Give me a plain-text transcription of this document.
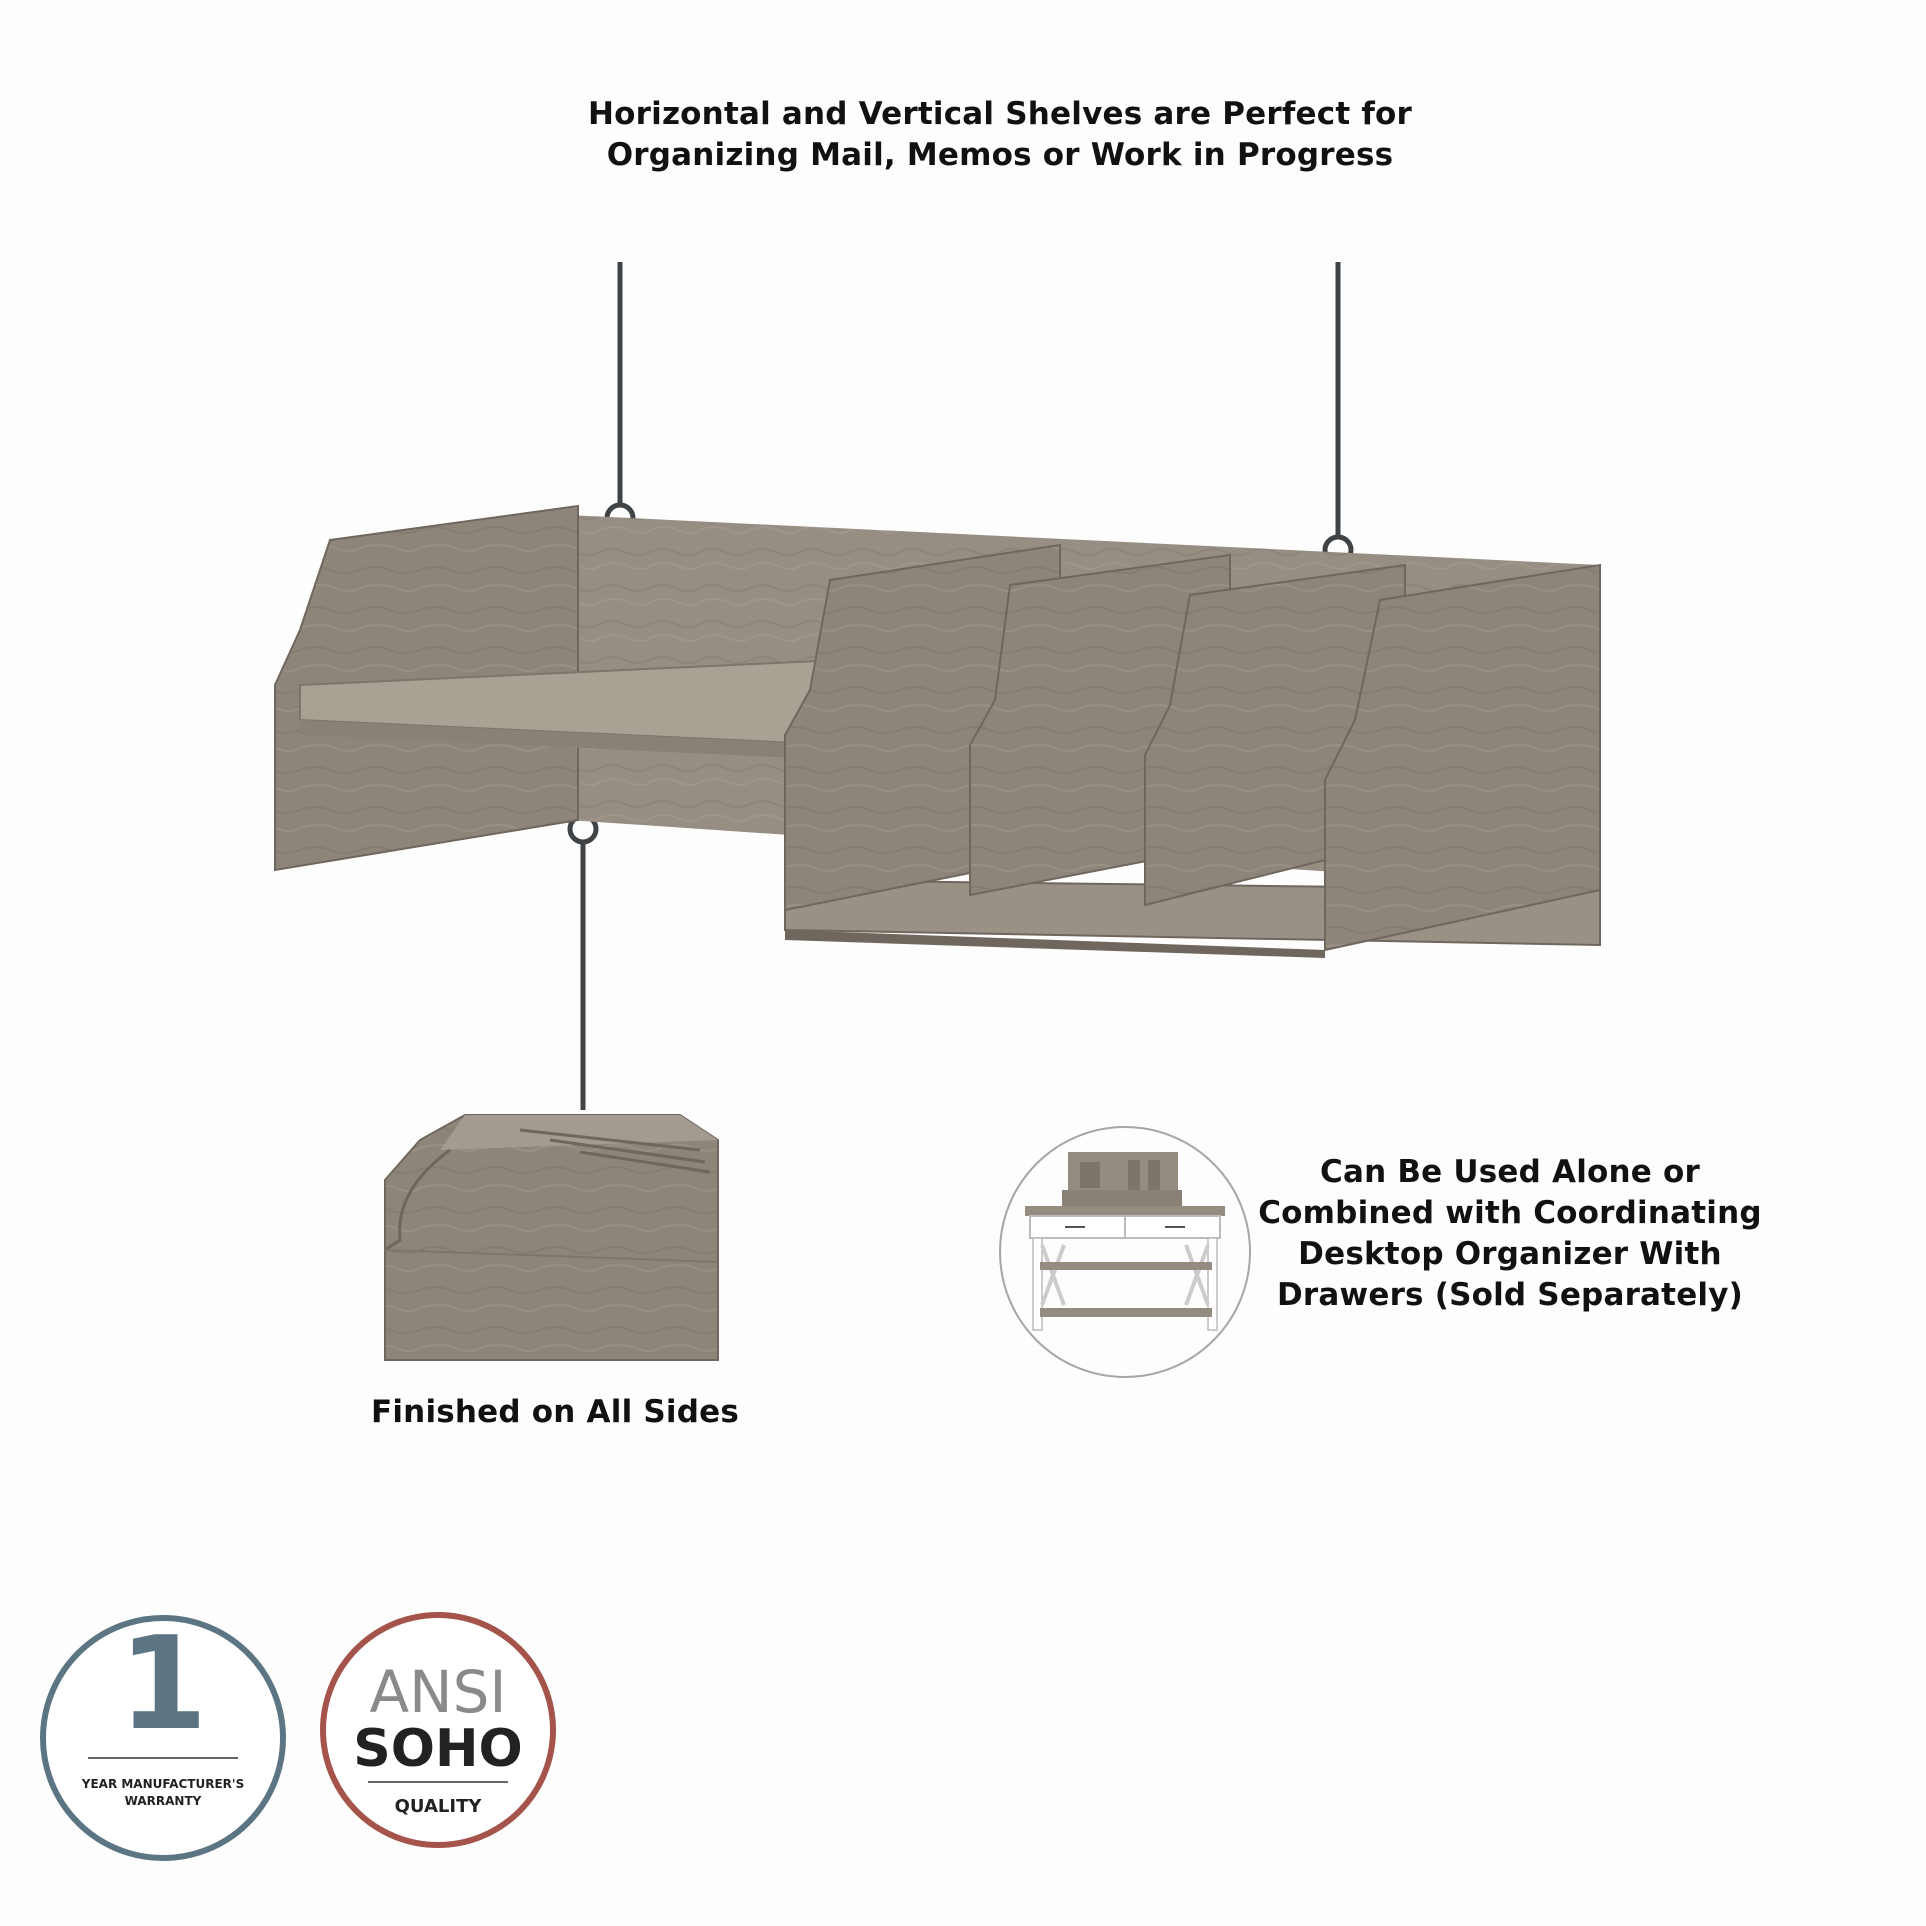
Horizontal and Vertical Shelves are Perfect for
Organizing Mail, Memos or Work in Progress
1
YEAR MANUFACTURER'S
WARRANTY
ANSI
SOHO
QUALITY
Finished on All Sides
Can Be Used Alone or
Combined with Coordinating
Desktop Organizer With
Drawers (Sold Separately)
